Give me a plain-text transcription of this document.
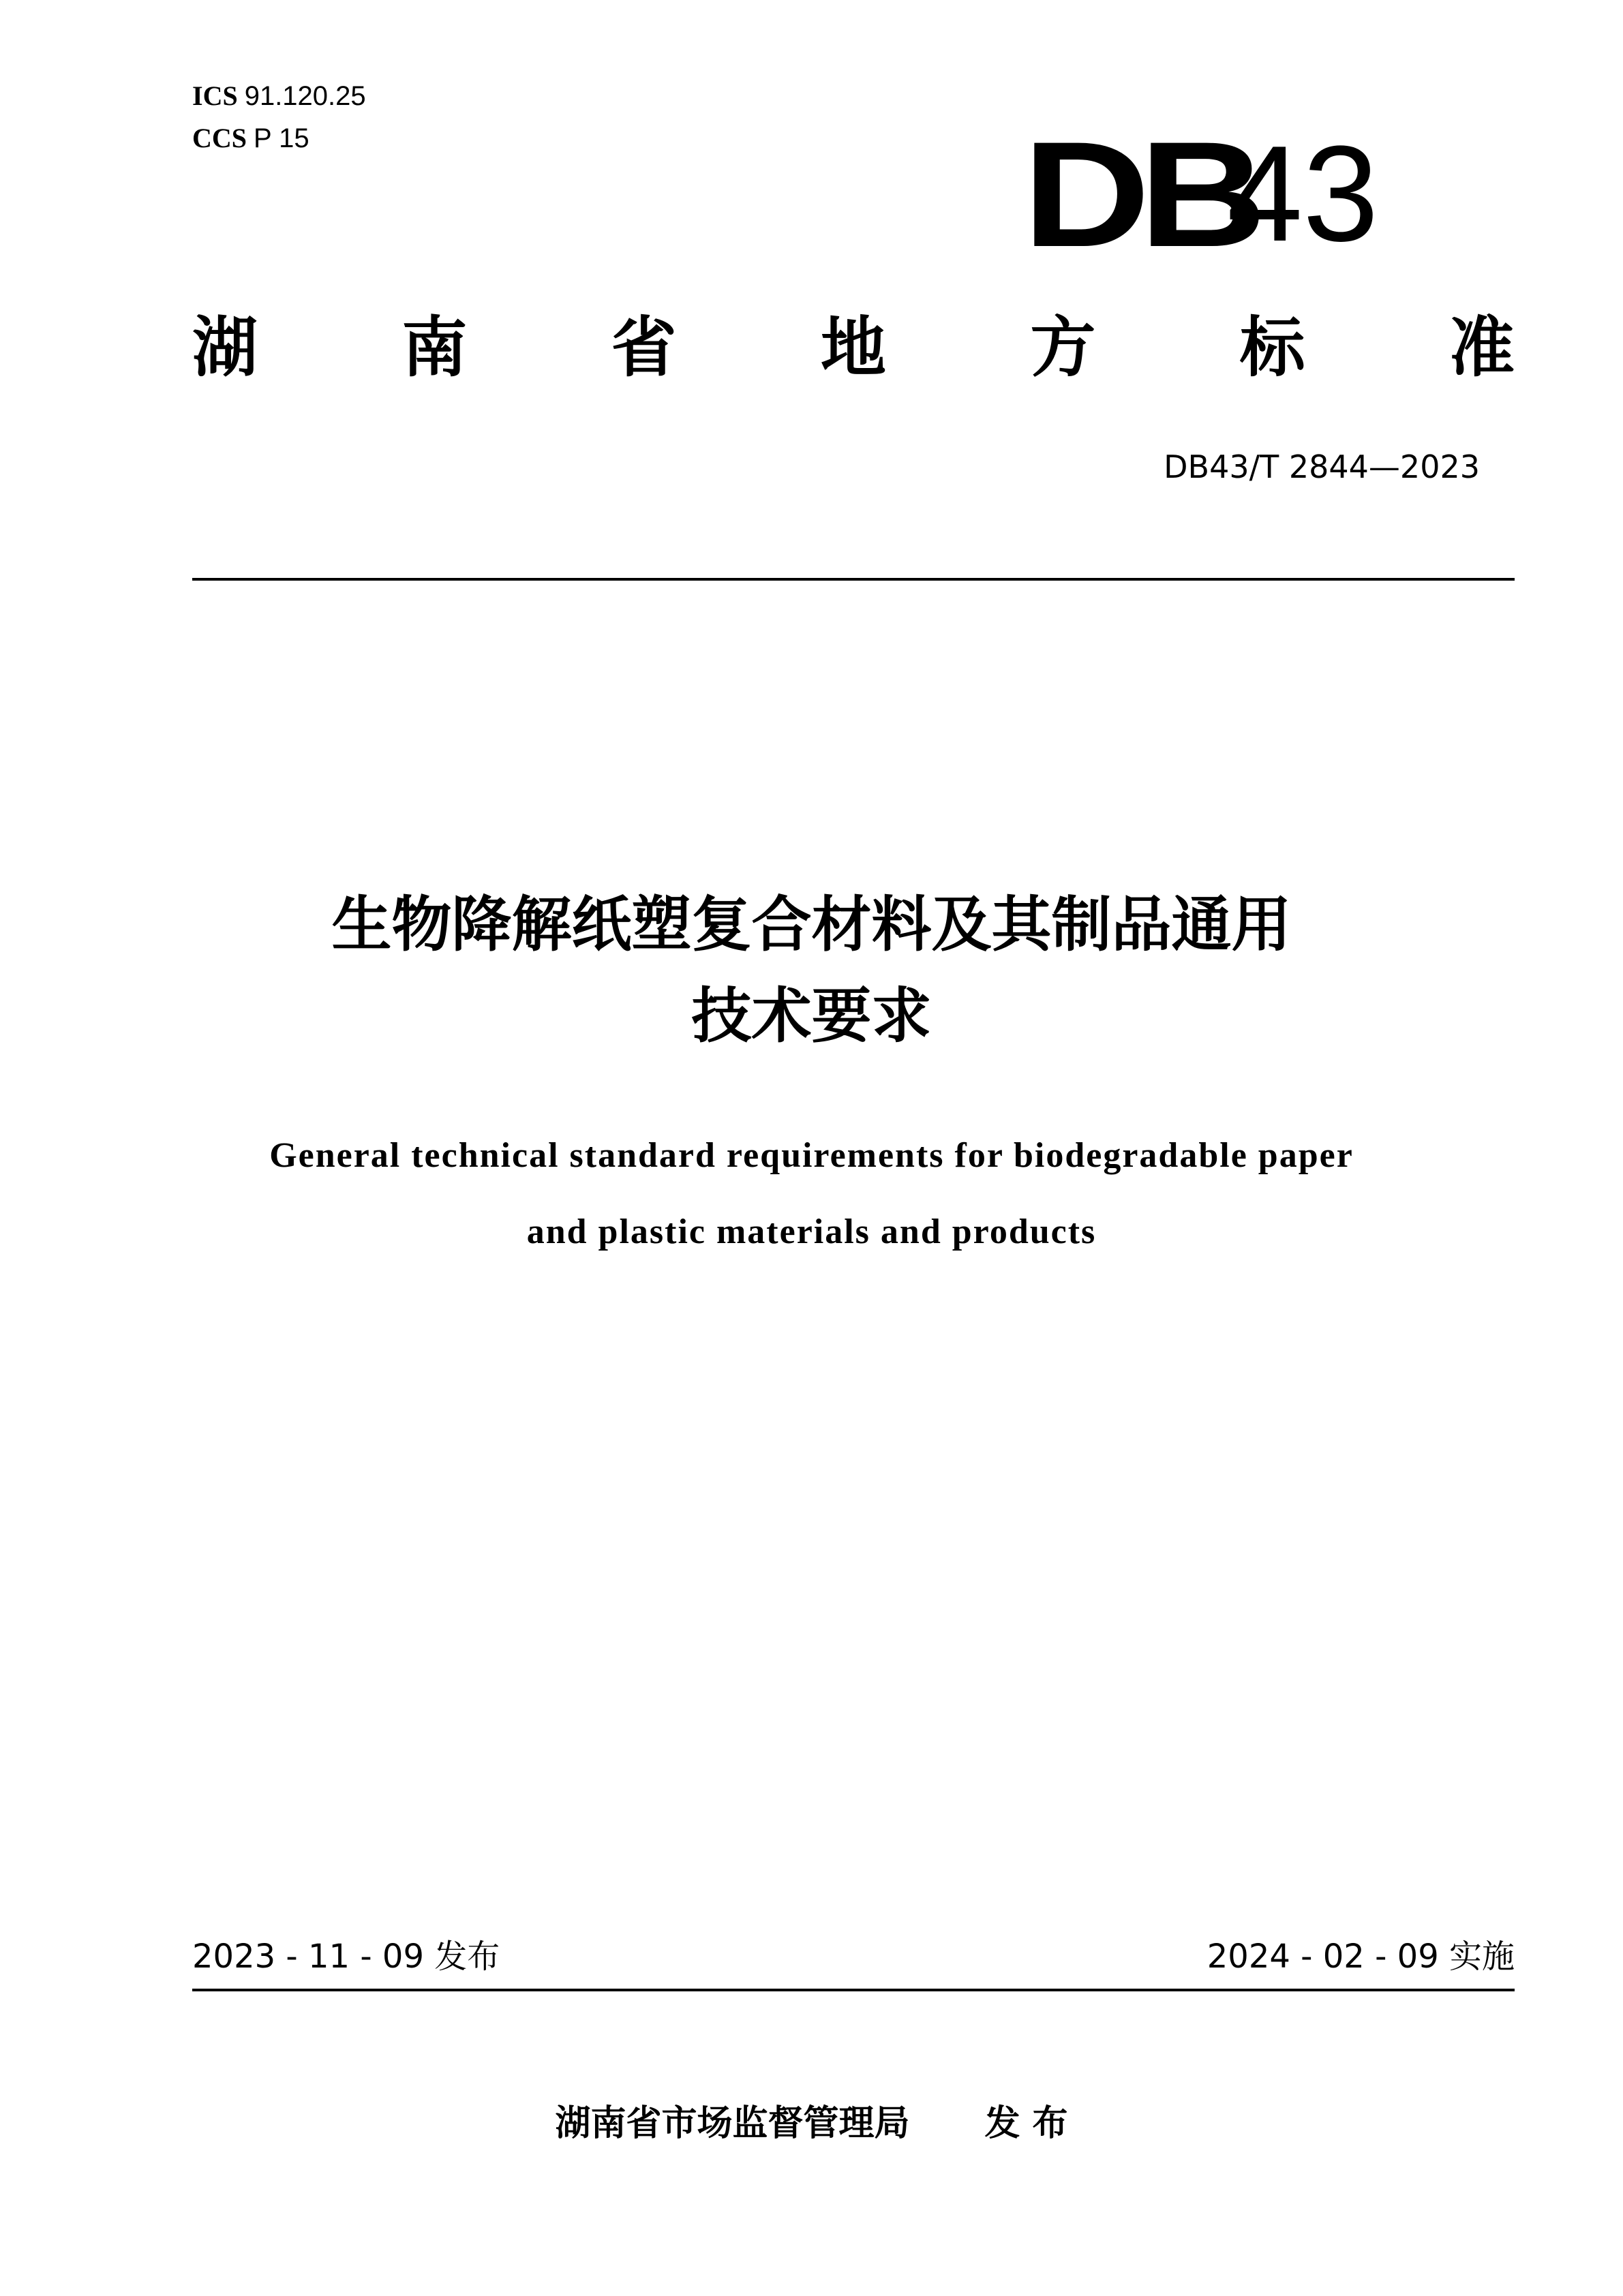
ICS 91.120.25
CCS P 15	DB
43
湖 南 省 地 方 标 准
DB43/T 2844—2023
生物降解纸塑复合材料及其制品通用
技术要求
General technical standard requirements for biodegradable paper
and plastic materials and products
2023 - 11 - 09 发布	2024 - 02 - 09 实施
湖南省市场监督管理局 发 布
